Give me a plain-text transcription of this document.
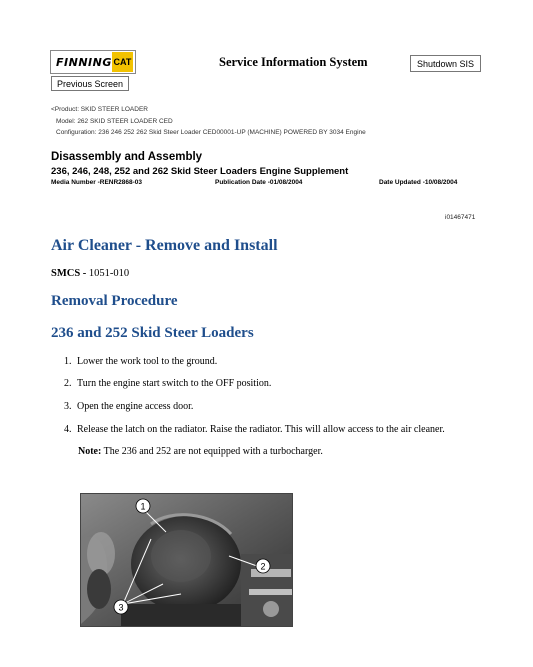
FINNING CAT
Previous Screen
Service Information System	Shutdown SIS
<Product: SKID STEER LOADER
Model: 262 SKID STEER LOADER CED
Configuration: 236 246 252 262 Skid Steer Loader CED00001-UP (MACHINE) POWERED BY 3034 Engine
Disassembly and Assembly
236, 246, 248, 252 and 262 Skid Steer Loaders Engine Supplement
Media Number -RENR2868-03	Publication Date -01/08/2004	Date Updated -10/08/2004
i01467471
Air Cleaner - Remove and Install
SMCS - 1051-010
Removal Procedure
236 and 252 Skid Steer Loaders
1. Lower the work tool to the ground.
2. Turn the engine start switch to the OFF position.
3. Open the engine access door.
4. Release the latch on the radiator. Raise the radiator. This will allow access to the air cleaner.
Note: The 236 and 252 are not equipped with a turbocharger.
1
2
3
